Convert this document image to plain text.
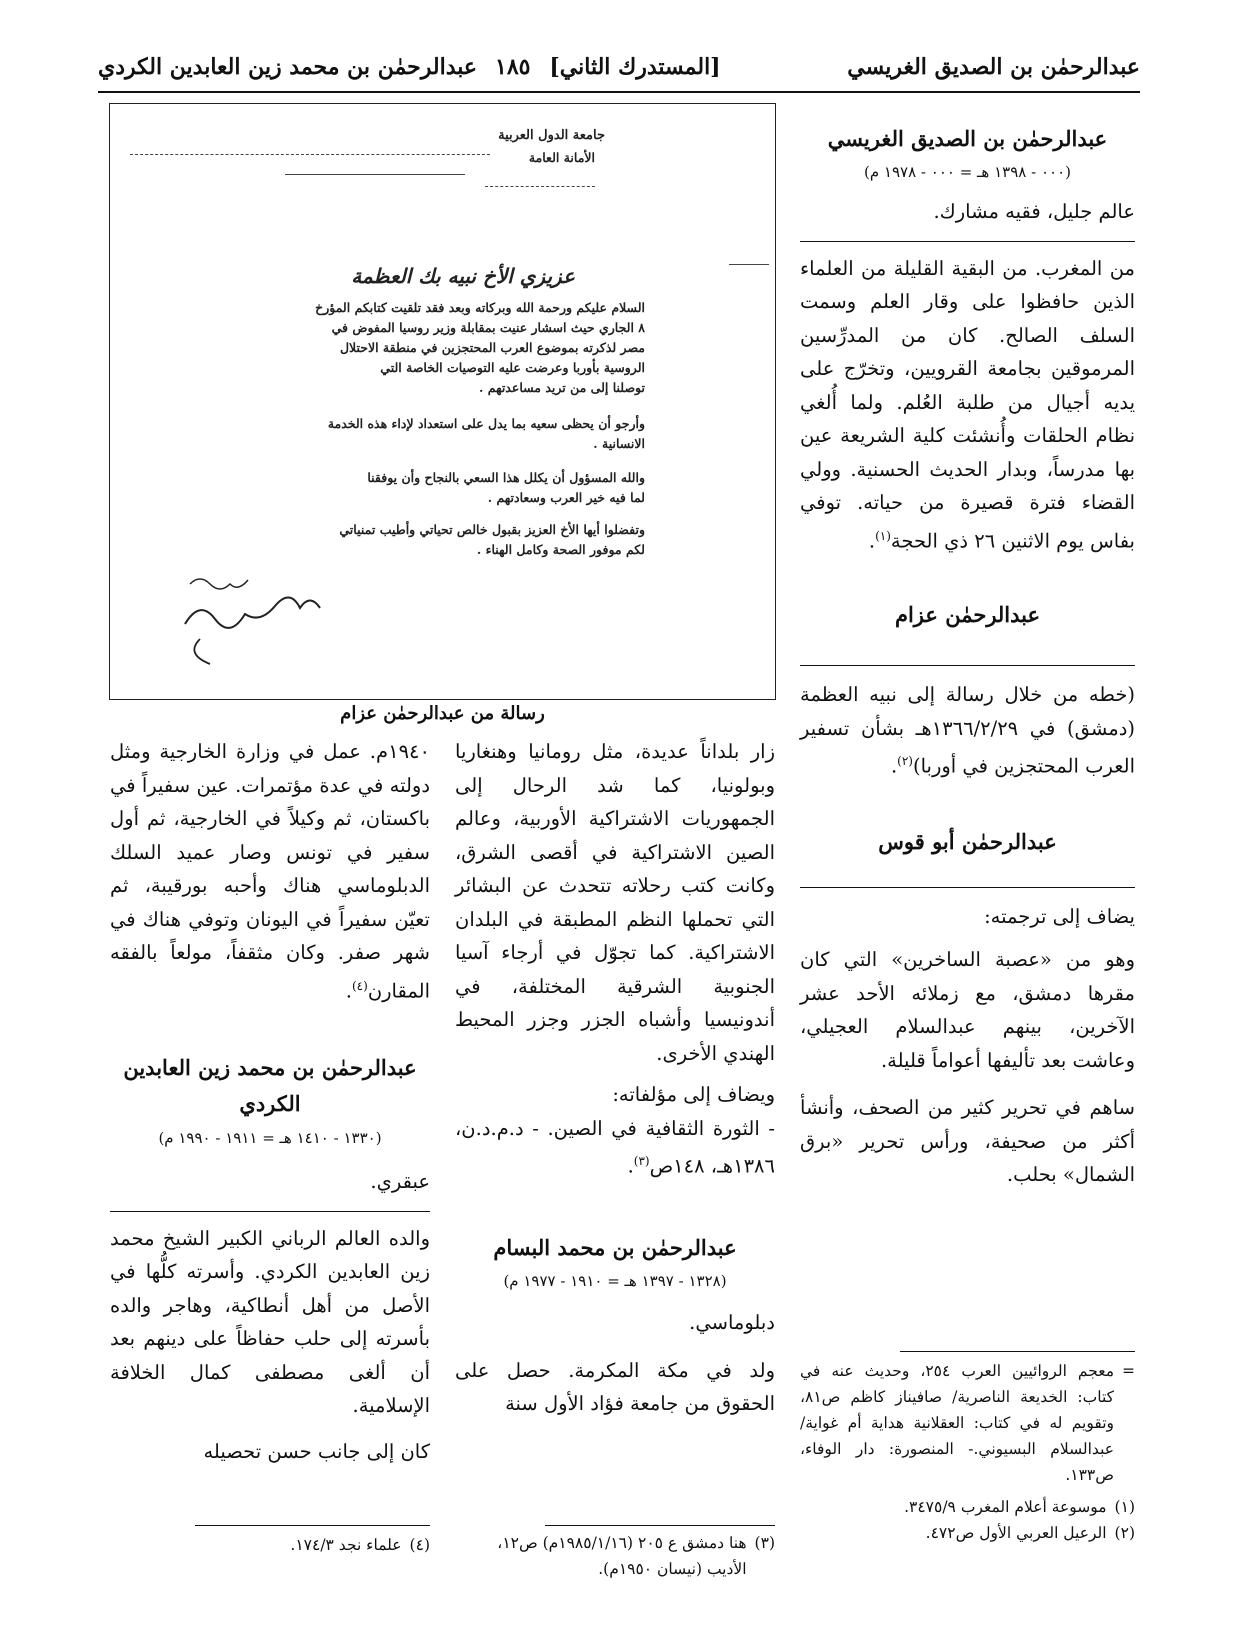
عبدالرحمٰن بن الصديق الغريسي
[المستدرك الثاني]
١٨٥
عبدالرحمٰن بن محمد زين العابدين الكردي
عبدالرحمٰن بن الصديق الغريسي
(٠٠٠ - ١٣٩٨ هـ = ٠٠٠ - ١٩٧٨ م)

عالم جليل، فقيه مشارك.

من المغرب. من البقية القليلة من العلماء الذين حافظوا على وقار العلم وسمت السلف الصالح. كان من المدرِّسين المرموقين بجامعة القرويين، وتخرّج على يديه أجيال من طلبة العُلم. ولما أُلغي نظام الحلقات وأُنشئت كلية الشريعة عين بها مدرساً، وبدار الحديث الحسنية. وولي القضاء فترة قصيرة من حياته. توفي بفاس يوم الاثنين ٢٦ ذي الحجة$^{(١)}$.

عبدالرحمٰن عزام

(خطه من خلال رسالة إلى نبيه العظمة (دمشق) في ١٣٦٦/٢/٢٩هـ بشأن تسفير العرب المحتجزين في أوربا)$^{(٢)}$.

عبدالرحمٰن أبو قوس

يضاف إلى ترجمته:

وهو من «عصبة الساخرين» التي كان مقرها دمشق، مع زملائه الأحد عشر الآخرين، بينهم عبدالسلام العجيلي، وعاشت بعد تأليفها أعواماً قليلة.

ساهم في تحرير كثير من الصحف، وأنشأ أكثر من صحيفة، ورأس تحرير «برق الشمال» بحلب.

=
معجم الروائيين العرب ٢٥٤، وحديث عنه في كتاب: الخديعة الناصرية/ صافيناز كاظم ص٨١، وتقويم له في كتاب: العقلانية هداية أم غواية/ عبدالسلام البسيوني.- المنصورة: دار الوفاء، ص١٣٣.
(١)
موسوعة أعلام المغرب ٣٤٧٥/٩.
(٢)
الرعيل العربي الأول ص٤٧٢.
جامعة الدول العربية
الأمانة العامة
عزيزي الأخ نبيه بك العظمة
السلام عليكم ورحمة الله وبركاته وبعد فقد تلقيت كتابكم المؤرخ
٨ الجاري حيث اسشار عنيت بمقابلة وزير روسيا المفوض في
مصر لذكرته بموضوع العرب المحتجزين في منطقة الاحتلال
الروسية بأوربا وعرضت عليه التوصيات الخاصة التي
توصلنا إلى من تريد مساعدتهم .
وأرجو أن يحظى سعيه بما يدل على استعداد لإداء هذه الخدمة
الانسانية .
والله المسؤول أن يكلل هذا السعي بالنجاح وأن يوفقنا
لما فيه خير العرب وسعادتهم .
وتفضلوا أيها الأخ العزيز بقبول خالص تحياتي وأطيب تمنياتي
لكم موفور الصحة وكامل الهناء .
رسالة من عبدالرحمٰن عزام

زار بلداناً عديدة، مثل رومانيا وهنغاريا وبولونيا، كما شد الرحال إلى الجمهوريات الاشتراكية الأوربية، وعالم الصين الاشتراكية في أقصى الشرق، وكانت كتب رحلاته تتحدث عن البشائر التي تحملها النظم المطبقة في البلدان الاشتراكية. كما تجوّل في أرجاء آسيا الجنوبية الشرقية المختلفة، في أندونيسيا وأشباه الجزر وجزر المحيط الهندي الأخرى.

ويضاف إلى مؤلفاته:

- الثورة الثقافية في الصين. - د.م.د.ن، ١٣٨٦هـ، ١٤٨ص$^{(٣)}$.

عبدالرحمٰن بن محمد البسام
(١٣٢٨ - ١٣٩٧ هـ = ١٩١٠ - ١٩٧٧ م)

دبلوماسي.

ولد في مكة المكرمة. حصل على الحقوق من جامعة فؤاد الأول سنة

(٣)
هنا دمشق ع ٢٠٥ (١٩٨٥/١/١٦م) ص١٢، الأديب (نيسان ١٩٥٠م).

١٩٤٠م. عمل في وزارة الخارجية ومثل دولته في عدة مؤتمرات. عين سفيراً في باكستان، ثم وكيلاً في الخارجية، ثم أول سفير في تونس وصار عميد السلك الدبلوماسي هناك وأحبه بورقيبة، ثم تعيّن سفيراً في اليونان وتوفي هناك في شهر صفر. وكان مثقفاً، مولعاً بالفقه المقارن$^{(٤)}$.

عبدالرحمٰن بن محمد زين العابدين
الكردي
(١٣٣٠ - ١٤١٠ هـ = ١٩١١ - ١٩٩٠ م)

عبقري.

والده العالم الرباني الكبير الشيخ محمد زين العابدين الكردي. وأسرته كلُّها في الأصل من أهل أنطاكية، وهاجر والده بأسرته إلى حلب حفاظاً على دينهم بعد أن ألغى مصطفى كمال الخلافة الإسلامية.

كان إلى جانب حسن تحصيله

(٤)
علماء نجد ١٧٤/٣.
